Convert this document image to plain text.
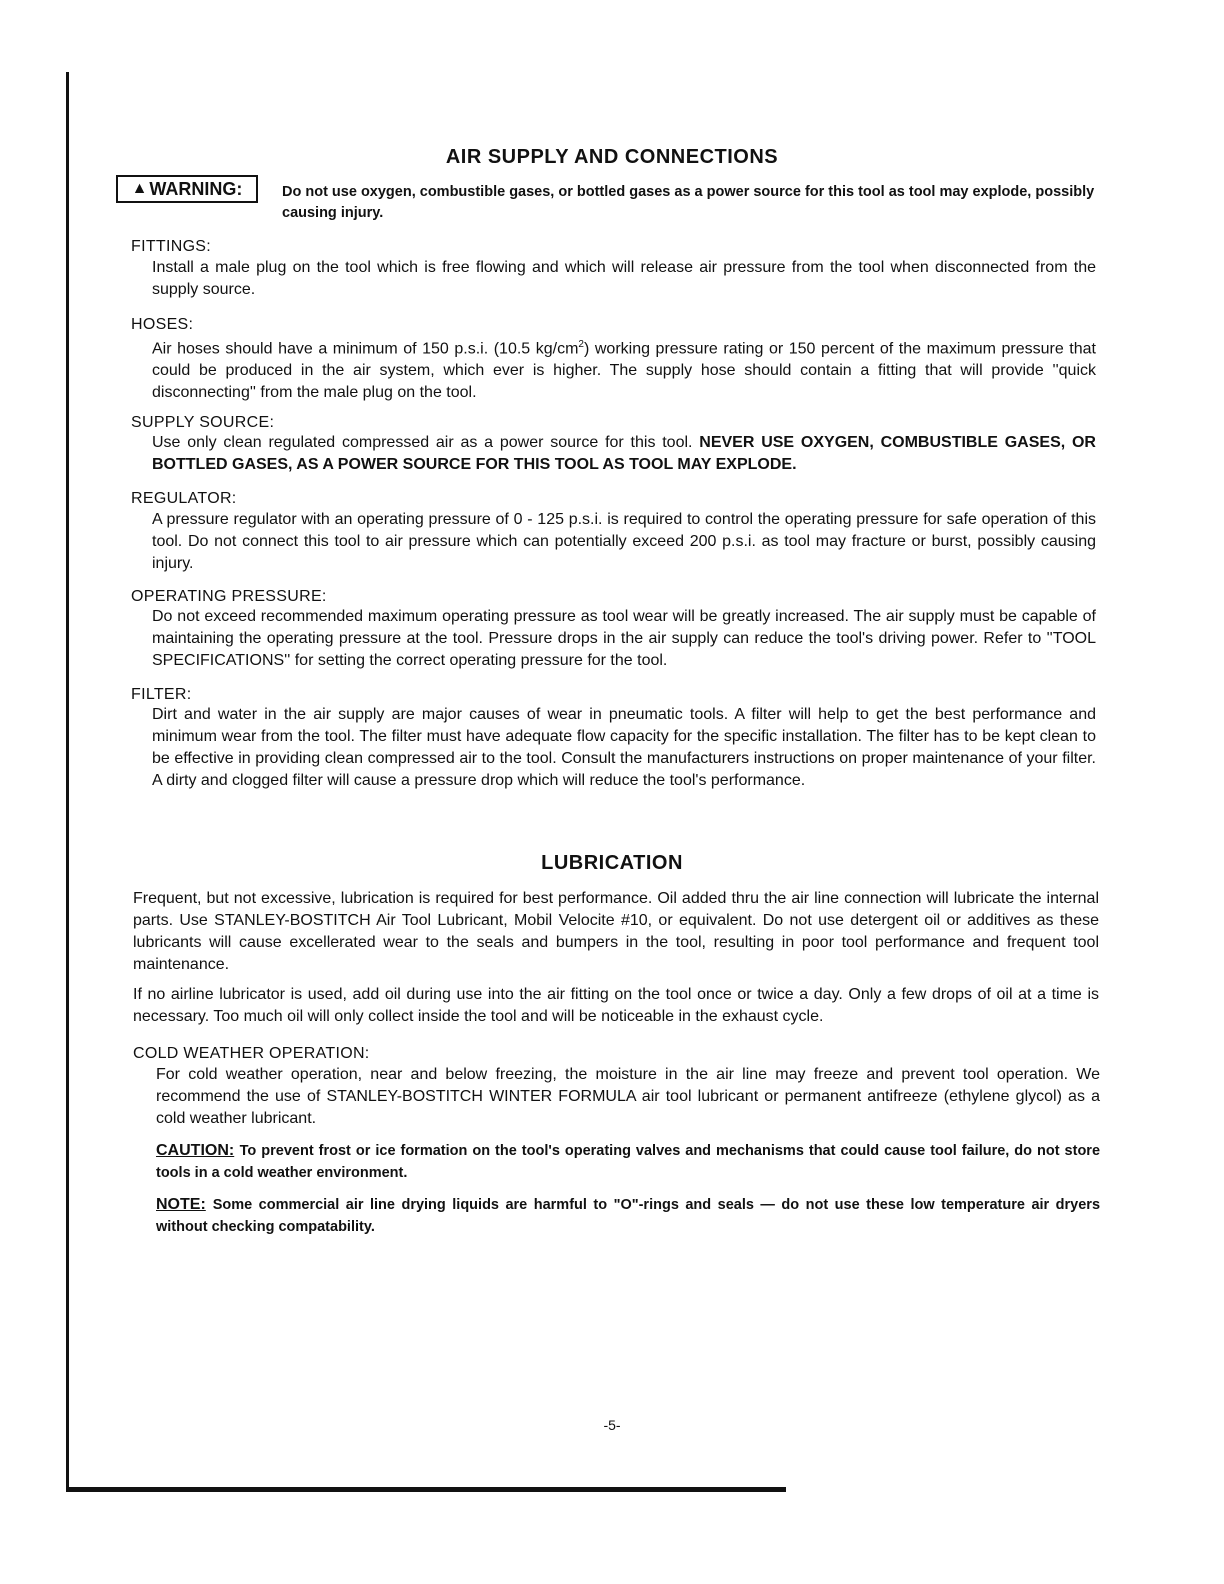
AIR SUPPLY AND CONNECTIONS
▲ WARNING:	Do not use oxygen, combustible gases, or bottled gases as a power source for this tool as tool may explode, possibly causing injury.
FITTINGS:
Install a male plug on the tool which is free flowing and which will release air pressure from the tool when disconnected from the supply source.
HOSES:
Air hoses should have a minimum of 150 p.s.i. (10.5 $kg/cm^2$) working pressure rating or 150 percent of the maximum pressure that could be produced in the air system, which ever is higher. The supply hose should contain a fitting that will provide ''quick disconnecting'' from the male plug on the tool.
SUPPLY SOURCE:
Use only clean regulated compressed air as a power source for this tool. NEVER USE OXYGEN, COMBUSTIBLE GASES, OR BOTTLED GASES, AS A POWER SOURCE FOR THIS TOOL AS TOOL MAY EXPLODE.
REGULATOR:
A pressure regulator with an operating pressure of 0 - 125 p.s.i. is required to control the operating pressure for safe operation of this tool. Do not connect this tool to air pressure which can potentially exceed 200 p.s.i. as tool may fracture or burst, possibly causing injury.
OPERATING PRESSURE:
Do not exceed recommended maximum operating pressure as tool wear will be greatly increased. The air supply must be capable of maintaining the operating pressure at the tool. Pressure drops in the air supply can reduce the tool's driving power. Refer to ''TOOL SPECIFICATIONS'' for setting the correct operating pressure for the tool.
FILTER:
Dirt and water in the air supply are major causes of wear in pneumatic tools. A filter will help to get the best performance and minimum wear from the tool. The filter must have adequate flow capacity for the specific installation. The filter has to be kept clean to be effective in providing clean compressed air to the tool. Consult the manufacturers instructions on proper maintenance of your filter. A dirty and clogged filter will cause a pressure drop which will reduce the tool's performance.
LUBRICATION
Frequent, but not excessive, lubrication is required for best performance. Oil added thru the air line connection will lubricate the internal parts. Use STANLEY-BOSTITCH Air Tool Lubricant, Mobil Velocite #10, or equivalent. Do not use detergent oil or additives as these lubricants will cause excellerated wear to the seals and bumpers in the tool, resulting in poor tool performance and frequent tool maintenance.
If no airline lubricator is used, add oil during use into the air fitting on the tool once or twice a day. Only a few drops of oil at a time is necessary. Too much oil will only collect inside the tool and will be noticeable in the exhaust cycle.
COLD WEATHER OPERATION:
For cold weather operation, near and below freezing, the moisture in the air line may freeze and prevent tool operation. We recommend the use of STANLEY-BOSTITCH WINTER FORMULA air tool lubricant or permanent antifreeze (ethylene glycol) as a cold weather lubricant.
CAUTION: To prevent frost or ice formation on the tool's operating valves and mechanisms that could cause tool failure, do not store tools in a cold weather environment.
NOTE: Some commercial air line drying liquids are harmful to "O"-rings and seals — do not use these low temperature air dryers without checking compatability.
-5-
